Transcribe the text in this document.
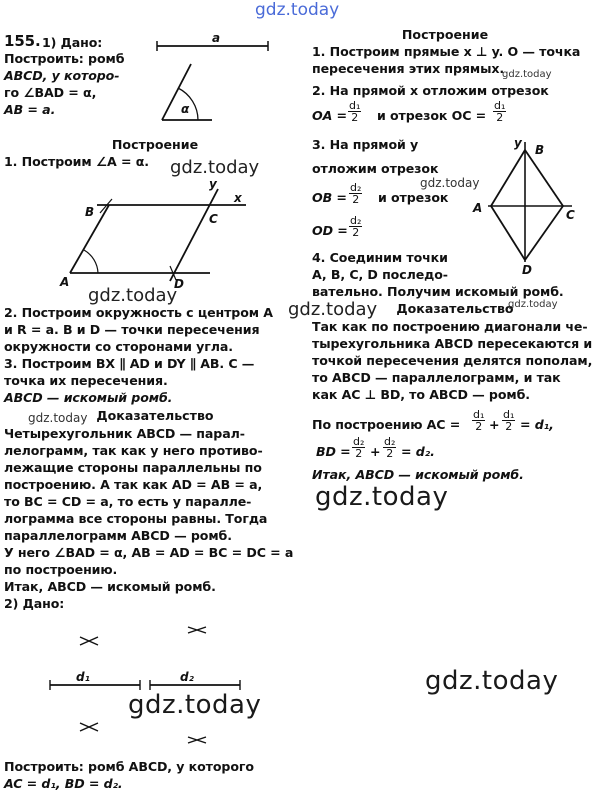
gdz.today
155. 1) Дано:
Построить: ромб
ABCD, у которо-
го ∠BAD = α,
AB = a.
Построение
1. Построим ∠A = α. gdz.today
a
α
B	C
A	D
x
y
d₁	d₂
y B
A	C
D
2. Построим окружность с центром A
и R = a. B и D — точки пересечения
окружности со сторонами угла.
3. Построим BX ∥ AD и DY ∥ AB. C —
точка их пересечения.
ABCD — искомый ромб.
gdz.today
gdz.today Доказательство
Четырехугольник ABCD — парал-
лелограмм, так как у него противо-
лежащие стороны параллельны по
построению. А так как AD = AB = a,
то BC = CD = a, то есть у паралле-
лограмма все стороны равны. Тогда
параллелограмм ABCD — ромб.
У него ∠BAD = α, AB = AD = BC = DC = a
по построению.
Итак, ABCD — искомый ромб.
2) Дано:
gdz.today
Построить: ромб ABCD, у которого
AC = d₁, BD = d₂.
Построение
1. Построим прямые x ⊥ y. O — точка
пересечения этих прямых.
gdz.today
2. На прямой x отложим отрезок
OA = $\frac{\text{d₁}}{2}$ и отрезок OC = $\frac{\text{d₁}}{2}$
3. На прямой y
отложим отрезок
gdz.today
OB = $\frac{\text{d₂}}{2}$ и отрезок
OD = $\frac{\text{d₂}}{2}$
4. Соединим точки
A, B, C, D последо-
вательно. Получим искомый ромб.
gdz.today Доказательство
gdz.today
Так как по построению диагонали че-
тырехугольника ABCD пересекаются и
точкой пересечения делятся пополам,
то ABCD — параллелограмм, и так
как AC ⊥ BD, то ABCD — ромб.
По построению AC = $\frac{\text{d₁}}{2} + \frac{\text{d₁}}{2} = d_1$,
BD = $\frac{\text{d₂}}{2} + \frac{\text{d₂}}{2} = d_2$.
Итак, ABCD — искомый ромб.
gdz.today
gdz.today
